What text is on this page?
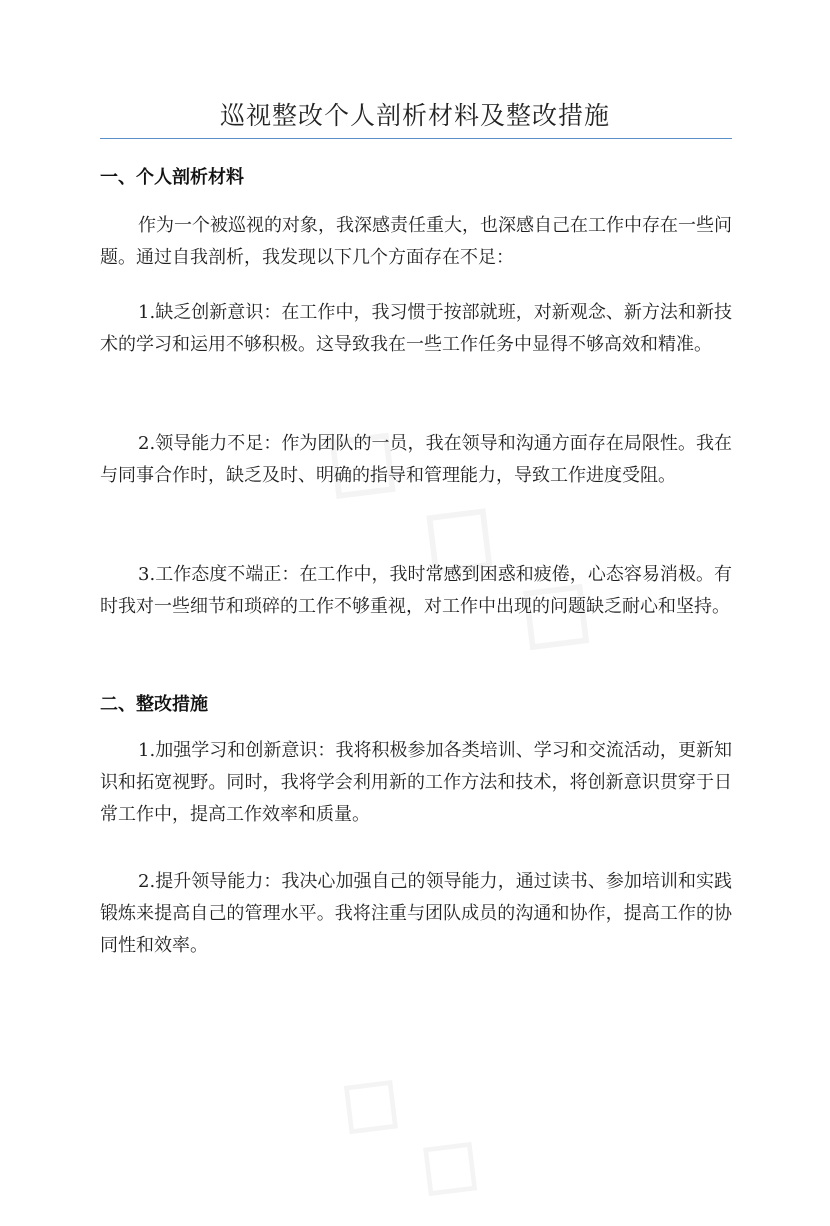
巡视整改个人剖析材料及整改措施
一、个人剖析材料
作为一个被巡视的对象，我深感责任重大，也深感自己在工作中存在一些问题。通过自我剖析，我发现以下几个方面存在不足：
1.缺乏创新意识：在工作中，我习惯于按部就班，对新观念、新方法和新技术的学习和运用不够积极。这导致我在一些工作任务中显得不够高效和精准。
2.领导能力不足：作为团队的一员，我在领导和沟通方面存在局限性。我在与同事合作时，缺乏及时、明确的指导和管理能力，导致工作进度受阻。
3.工作态度不端正：在工作中，我时常感到困惑和疲倦，心态容易消极。有时我对一些细节和琐碎的工作不够重视，对工作中出现的问题缺乏耐心和坚持。
二、整改措施
1.加强学习和创新意识：我将积极参加各类培训、学习和交流活动，更新知识和拓宽视野。同时，我将学会利用新的工作方法和技术，将创新意识贯穿于日常工作中，提高工作效率和质量。
2.提升领导能力：我决心加强自己的领导能力，通过读书、参加培训和实践锻炼来提高自己的管理水平。我将注重与团队成员的沟通和协作，提高工作的协同性和效率。
